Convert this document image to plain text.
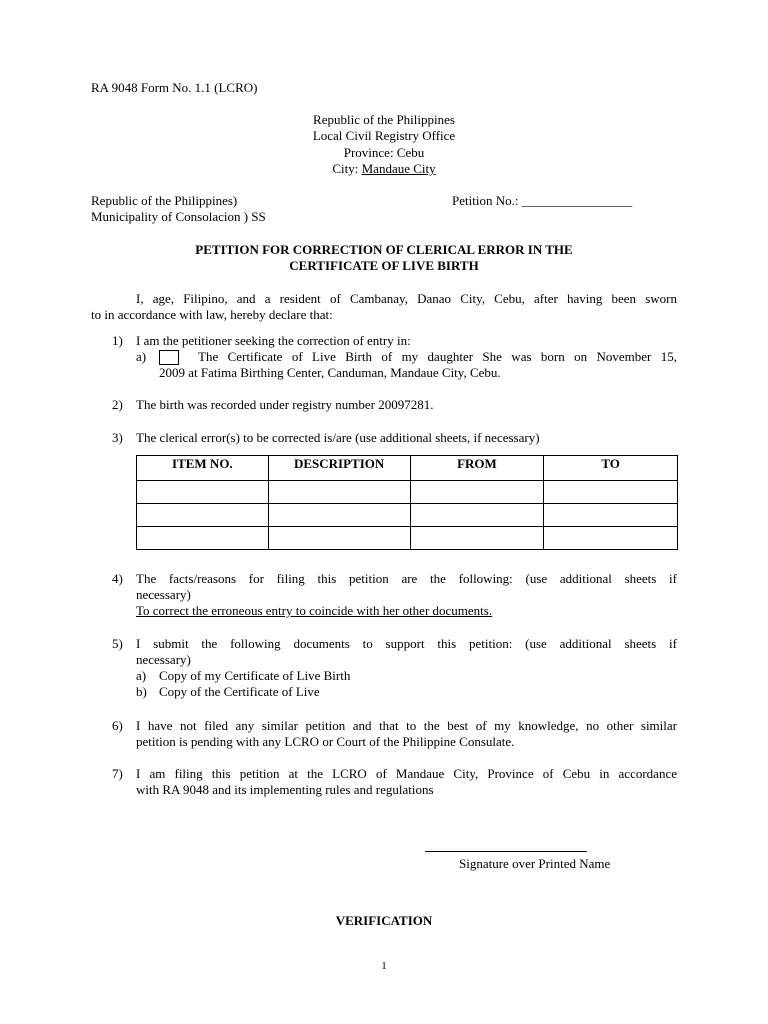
RA 9048 Form No. 1.1 (LCRO)
Republic of the Philippines
Local Civil Registry Office
Province: Cebu
City: Mandaue City
Republic of the Philippines)
Municipality of Consolacion ) SS
Petition No.: _________________
PETITION FOR CORRECTION OF CLERICAL ERROR IN THE
CERTIFICATE OF LIVE BIRTH
I, age, Filipino, and a resident of Cambanay, Danao City, Cebu, after having been sworn
to in accordance with law, hereby declare that:
1) I am the petitioner seeking the correction of entry in:
a)	The Certificate of Live Birth of my daughter She was born on November 15,
2009 at Fatima Birthing Center, Canduman, Mandaue City, Cebu.
2) The birth was recorded under registry number 20097281.
3) The clerical error(s) to be corrected is/are (use additional sheets, if necessary)
ITEM NO.	DESCRIPTION	FROM	TO

4) The facts/reasons for filing this petition are the following: (use additional sheets if
necessary)
To correct the erroneous entry to coincide with her other documents.
5) I submit the following documents to support this petition: (use additional sheets if
necessary)
a) Copy of my Certificate of Live Birth
b) Copy of the Certificate of Live
6) I have not filed any similar petition and that to the best of my knowledge, no other similar
petition is pending with any LCRO or Court of the Philippine Consulate.
7) I am filing this petition at the LCRO of Mandaue City, Province of Cebu in accordance
with RA 9048 and its implementing rules and regulations
Signature over Printed Name
VERIFICATION
1
